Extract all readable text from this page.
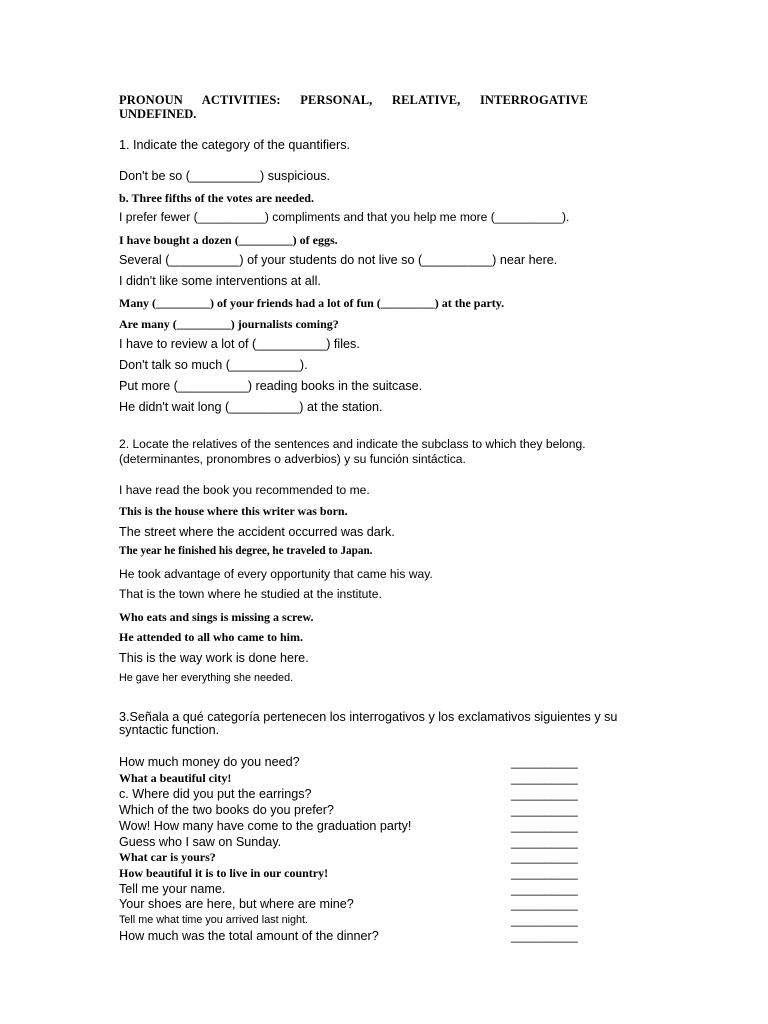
PRONOUN ACTIVITIES: PERSONAL, RELATIVE, INTERROGATIVE
UNDEFINED.
1. Indicate the category of the quantifiers.
Don't be so (__________) suspicious.
b. Three fifths of the votes are needed.
I prefer fewer (__________) compliments and that you help me more (__________).
I have bought a dozen (_________) of eggs.
Several (__________) of your students do not live so (__________) near here.
I didn't like some interventions at all.
Many (_________) of your friends had a lot of fun (_________) at the party.
Are many (_________) journalists coming?
I have to review a lot of (__________) files.
Don't talk so much (__________).
Put more (__________) reading books in the suitcase.
He didn't wait long (__________) at the station.
2. Locate the relatives of the sentences and indicate the subclass to which they belong.
(determinantes, pronombres o adverbios) y su función sintáctica.
I have read the book you recommended to me.
This is the house where this writer was born.
The street where the accident occurred was dark.
The year he finished his degree, he traveled to Japan.
He took advantage of every opportunity that came his way.
That is the town where he studied at the institute.
Who eats and sings is missing a screw.
He attended to all who came to him.
This is the way work is done here.
He gave her everything she needed.
3.Señala a qué categoría pertenecen los interrogativos y los exclamativos siguientes y su
syntactic function.
How much money do you need?	__________
What a beautiful city!	__________
c. Where did you put the earrings?	__________
Which of the two books do you prefer?	__________
Wow! How many have come to the graduation party!	__________
Guess who I saw on Sunday.	__________
What car is yours?	__________
How beautiful it is to live in our country!	__________
Tell me your name.	__________
Your shoes are here, but where are mine?	__________
Tell me what time you arrived last night.	__________
How much was the total amount of the dinner?	__________
